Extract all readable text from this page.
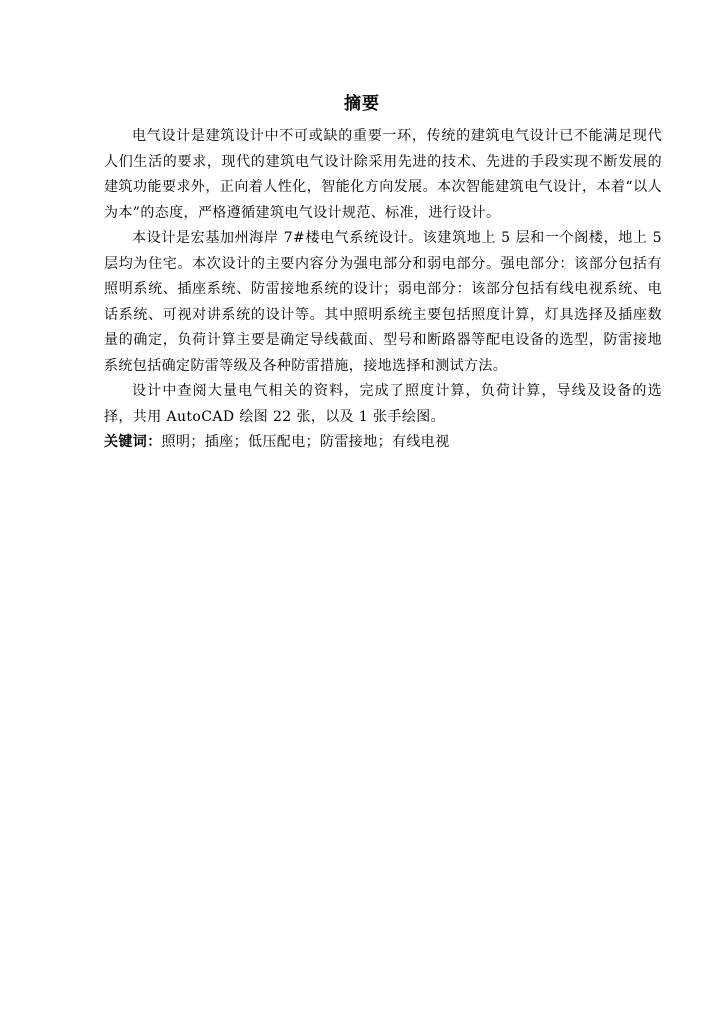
摘要

电气设计是建筑设计中不可或缺的重要一环，传统的建筑电气设计已不能满足现代人们生活的要求，现代的建筑电气设计除采用先进的技术、先进的手段实现不断发展的建筑功能要求外，正向着人性化，智能化方向发展。本次智能建筑电气设计，本着“以人为本”的态度，严格遵循建筑电气设计规范、标准，进行设计。

本设计是宏基加州海岸 7#楼电气系统设计。该建筑地上 5 层和一个阁楼，地上 5 层均为住宅。本次设计的主要内容分为强电部分和弱电部分。强电部分：该部分包括有照明系统、插座系统、防雷接地系统的设计；弱电部分：该部分包括有线电视系统、电话系统、可视对讲系统的设计等。其中照明系统主要包括照度计算，灯具选择及插座数量的确定，负荷计算主要是确定导线截面、型号和断路器等配电设备的选型，防雷接地系统包括确定防雷等级及各种防雷措施，接地选择和测试方法。

设计中查阅大量电气相关的资料，完成了照度计算，负荷计算，导线及设备的选择，共用 AutoCAD 绘图 22 张，以及 1 张手绘图。

关键词：照明；插座；低压配电；防雷接地；有线电视
